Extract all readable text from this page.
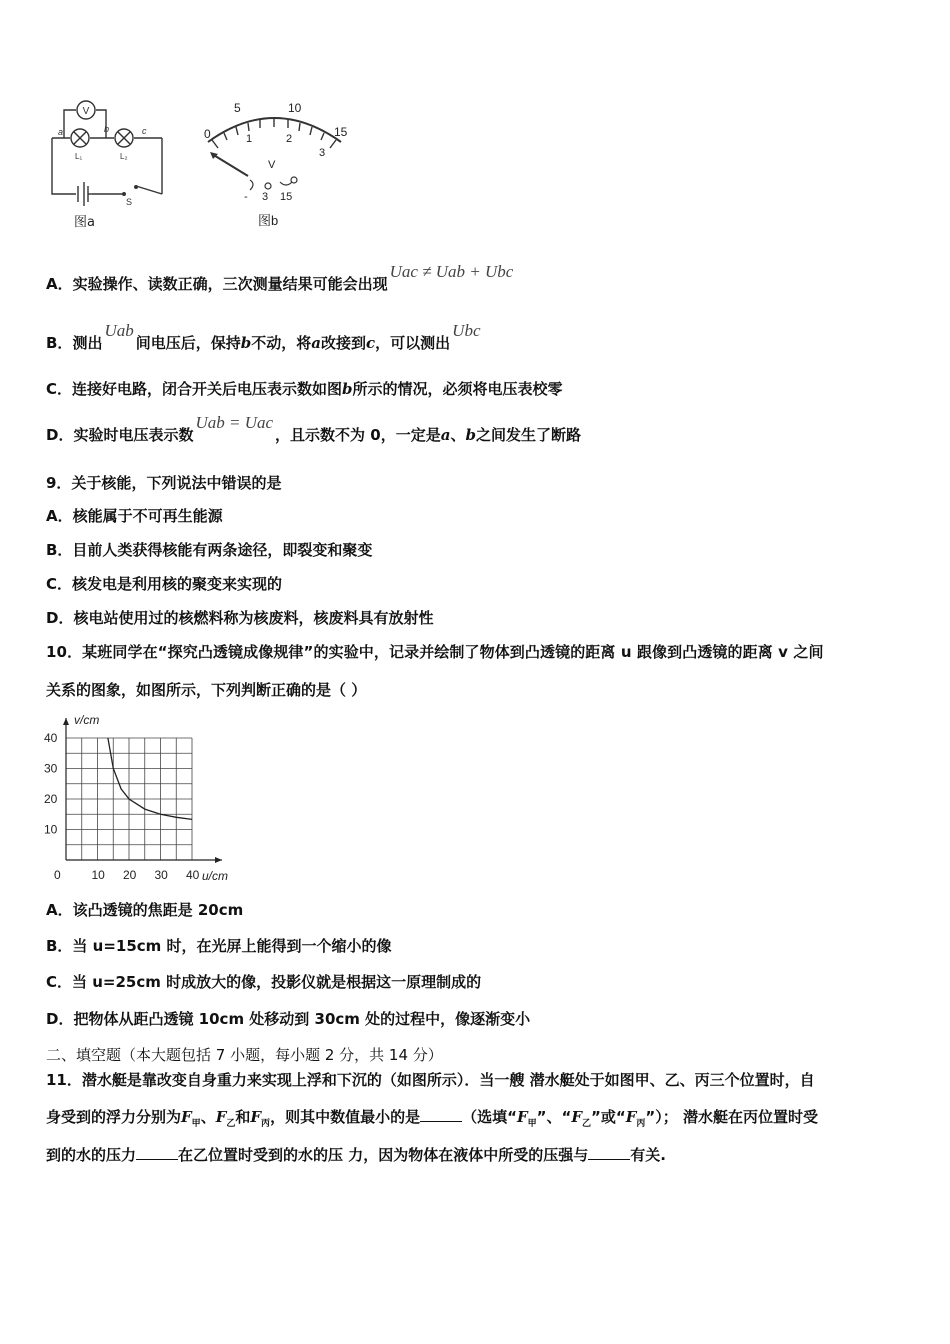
V
a	b	c
L₁	L₂
S
图a
0
5	10
15
1	2
3
V
- 3 15
图b
A．实验操作、读数正确，三次测量结果可能会出现Uac ≠ Uab + Ubc
B．测出Uab间电压后，保持b不动，将a改接到c，可以测出Ubc
C．连接好电路，闭合开关后电压表示数如图b所示的情况，必须将电压表校零
D．实验时电压表示数Uab = Uac，且示数不为 0，一定是a、b之间发生了断路
9．关于核能，下列说法中错误的是
A．核能属于不可再生能源
B．目前人类获得核能有两条途径，即裂变和聚变
C．核发电是利用核的聚变来实现的
D．核电站使用过的核燃料称为核废料，核废料具有放射性
10．某班同学在“探究凸透镜成像规律”的实验中，记录并绘制了物体到凸透镜的距离 u 跟像到凸透镜的距离 v 之间
关系的图象，如图所示，下列判断正确的是（ ）
0	10 20 30 40
10
20
30
40
u/cm
v/cm
A．该凸透镜的焦距是 20cm
B．当 u=15cm 时，在光屏上能得到一个缩小的像
C．当 u=25cm 时成放大的像，投影仪就是根据这一原理制成的
D．把物体从距凸透镜 10cm 处移动到 30cm 处的过程中，像逐渐变小
二、填空题（本大题包括 7 小题，每小题 2 分，共 14 分）
11．潜水艇是靠改变自身重力来实现上浮和下沉的（如图所示）．当一艘 潜水艇处于如图甲、乙、丙三个位置时，自
身受到的浮力分别为$F_甲$、$F_乙$和$F_丙$，则其中数值最小的是	（选填“$F_甲$”、“$F_乙$”或“$F_丙$”）； 潜水艇在丙位置时受
到的水的压力	在乙位置时受到的水的压 力，因为物体在液体中所受的压强与	有关.
